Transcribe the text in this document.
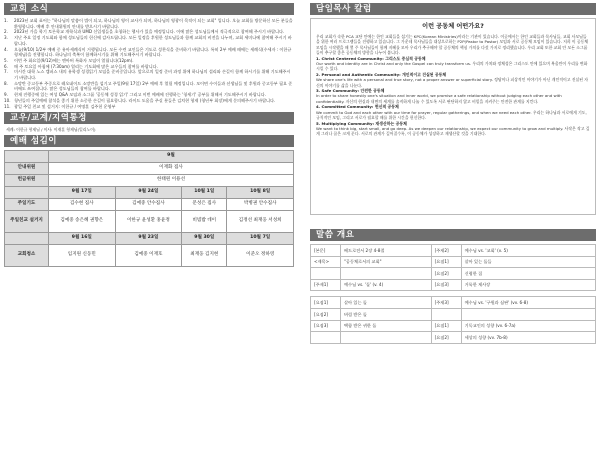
교회 소식
1.	2023년 교회 표어는 "하나님의 말씀이 법이 되고, 하나님의 영이 교사가 되며, 하나님의 영광이 목적이 되는 교회" 입니다. 오늘 교회를 방문하신 모든 분들을 환영합니다. 예배 후 안내위원의 안내를 받으시기 바랍니다.
2.	2023년 가을 학기 토론학교 개학식과 UMD 신입생들을 초청하는 행사가 있을 예정입니다. 이에 많은 성도님들께서 적극적으로 참여해 주시기 바랍니다.
3.	지난 주요 일정 기도회와 함께 성도님들의 헌신에 감사드립니다. 모든 일정을 후원한 성도님들과 함께 교회의 비전을 나누며, 교회 세미나에 참여해 주시기 바랍니다.
4.	오늘(9/10) 1/2부 예배 중 유아세례식이 거행됩니다. 모든 수련 교인들은 기도로 성찬식을 준비하기 바랍니다. 특히 2부 예배 때에는 세례식(수세자 : 이한규 형제님)을 진행합니다. 하나님의 축복이 함께하시기를 위해 기도해주시기 바랍니다.
5.	이번 주 화요일(9/12)에는 엔아버 특화자 모임이 열립니다(12pm).
6.	매 주 토요일 아침에 (7:30am) 열리는 기도회에 많은 교우들의 참여를 바랍니다.
7.	미시간 대학 노스 캠퍼스 내의 유학생 성경읽기 모임을 준비중입니다. 앞으로의 일정 준비 과정 위에 하나님의 섭리와 손길이 함께 하시기를 위해 기도해주시기 바랍니다.
8.	소망반 중고등부 주중으로 레오네이드 소망반을 섬기고 주일(9월 17일) 2부 예배 후 열릴 예정입니다. 모이면 수이들과 선생님들 및 후원과 중고등부 필요 준비에도 쓰여집니다. 많은 성도님들의 참여를 바랍니다.
9.	현재 진행중에 있는 여성 Q&A 모임과 소그룹 '공동체 성경 읽기' 그리고 이번 예배에 진행하는 '청세기' 공부를 위해서 기도해주시기 바랍니다.
10. 청년들의 주일예배 참석을 좋기 위한 소중한 손길이 필요합니다. 라이드 도움을 주실 분들은 김치현 형제 (청년부 회장)에게 문의해주시기 바랍니다.
11. 광일 주일 친교 및 설거지: 이한규 / 여명훈 김주헌 운영부
교우/교계/지역통정
세례: 이한규 형제님 / 이사: 이재훈 형제님(일리노이)
예배 섬김이
	9월			
안내위원	이재화 집사			
헌금위원	한태원 이용선			
	9월 17일	9월 24일	10월 1일	10월 8일
주일기도	김수현 집사	김예중 안수집사	문성은 집사	박병권 안수집사
주일친교 설거지	김예중 송은혜 권향은	이한규 윤성환 홍윤정	비빔밥 데이	김정선 최재웅 서성희
	9월 16일	9월 23일	9월 30일	10월 7일
교회청소	임지원 신동민	김예중 이재호	최재웅 김지현	이준오 정하영
담임목사 칼럼
이런 공동체 어떤가요?

우리 교회가 속한 PCA 교단 안에는 한인 교회들을 섬기는 KPC(Korean Ministries)이라는 기관이 있습니다. 이곳에서는 한인 교회들과 목사님들, 교회 사모님들을 위한 여러 프로그램들을 진행하고 있습니다. 그 가운데 목사님들을 대상으로하는 P2P(Pastor to Pastor) 모임과 서로 공동체 모임이 있습니다. 저희 이 공동체 모임을 시작했을 때 몇 주 목사님들이 함께 지혜를 모아 우리가 추구해야 할 공동체의 핵심 가치를 다섯 가지로 정리했습니다. 우리 교회 또한 교회 안 모든 소그룹들이 추구할 좋은 공동체의 방향을 나누어 봅니다.

1. Christ Centered Community: 그리스도 중심적 공동체

Our worth and identity are in Christ and only the Gospel can truly transform us. 우리의 가치와 정체성은 그리스도 안에 있으며 복음만이 우리를 변화시킬 수 있다.

2. Personal and Authentic Community: 개인적이고 진실된 공동체

We share one's life with a personal and true story, not a proper answer or superficial story. 정답이나 피상적인 이야기가 아닌 개인적이고 진실된 자신의 이야기를 삶을 나눈다.

3. Safe Community: 안전한 공동체

In order to share honestly one's situation and inner world, we promise a safe relationship without judging each other and with confidentiality. 자신의 현실과 내면의 세계를 솔직하게 나눌 수 있도록 서로 판단하지 않고 비밀을 지켜주는 안전한 관계를 지킨다.

4. Committed Community: 헌신적 공동체

We commit to God and each other with our time for prayer, regular gatherings, and when we need each other. 우리는 하나님과 서로에게 기도, 규칙적인 모임, 그리고 서로가 필요할 때를 위한 시간을 헌신한다.

5. Multiplying Community: 재생산하는 공동체

We want to think big, start small, and go deep. As we deepen our relationship, we expect our community to grow and multiply. 사작은 작고 깊게 그러나 꿈은 크게 꾼다. 서로의 관계가 깊어질수록, 이 공동체가 성장하고 재생산할 것을 기대한다.

말씀 개요
[본문]	베드로전서 2장 4-8절	[주제2]	예수님 vs. '교회' (v. 5)
<제목>	"공동체로서의 교회"	[요점1]	살아 있는 돌들
		[요점2]	신령한 집
[주제1]	예수님 vs. '돌' (v. 4)	[요점3]	거룩한 제사장

[요점1]	살아 있는 돌	[주제3]	예수님 vs. '구원과 심판' (vv. 6-8)
[요점2]	버림 받은 돌		
[요점3]	택함 받은 귀한 돌	[요점1]	기독교인의 성향 (vv. 6-7a)
		[요점2]	세상의 성향 (vv. 7b-8)
